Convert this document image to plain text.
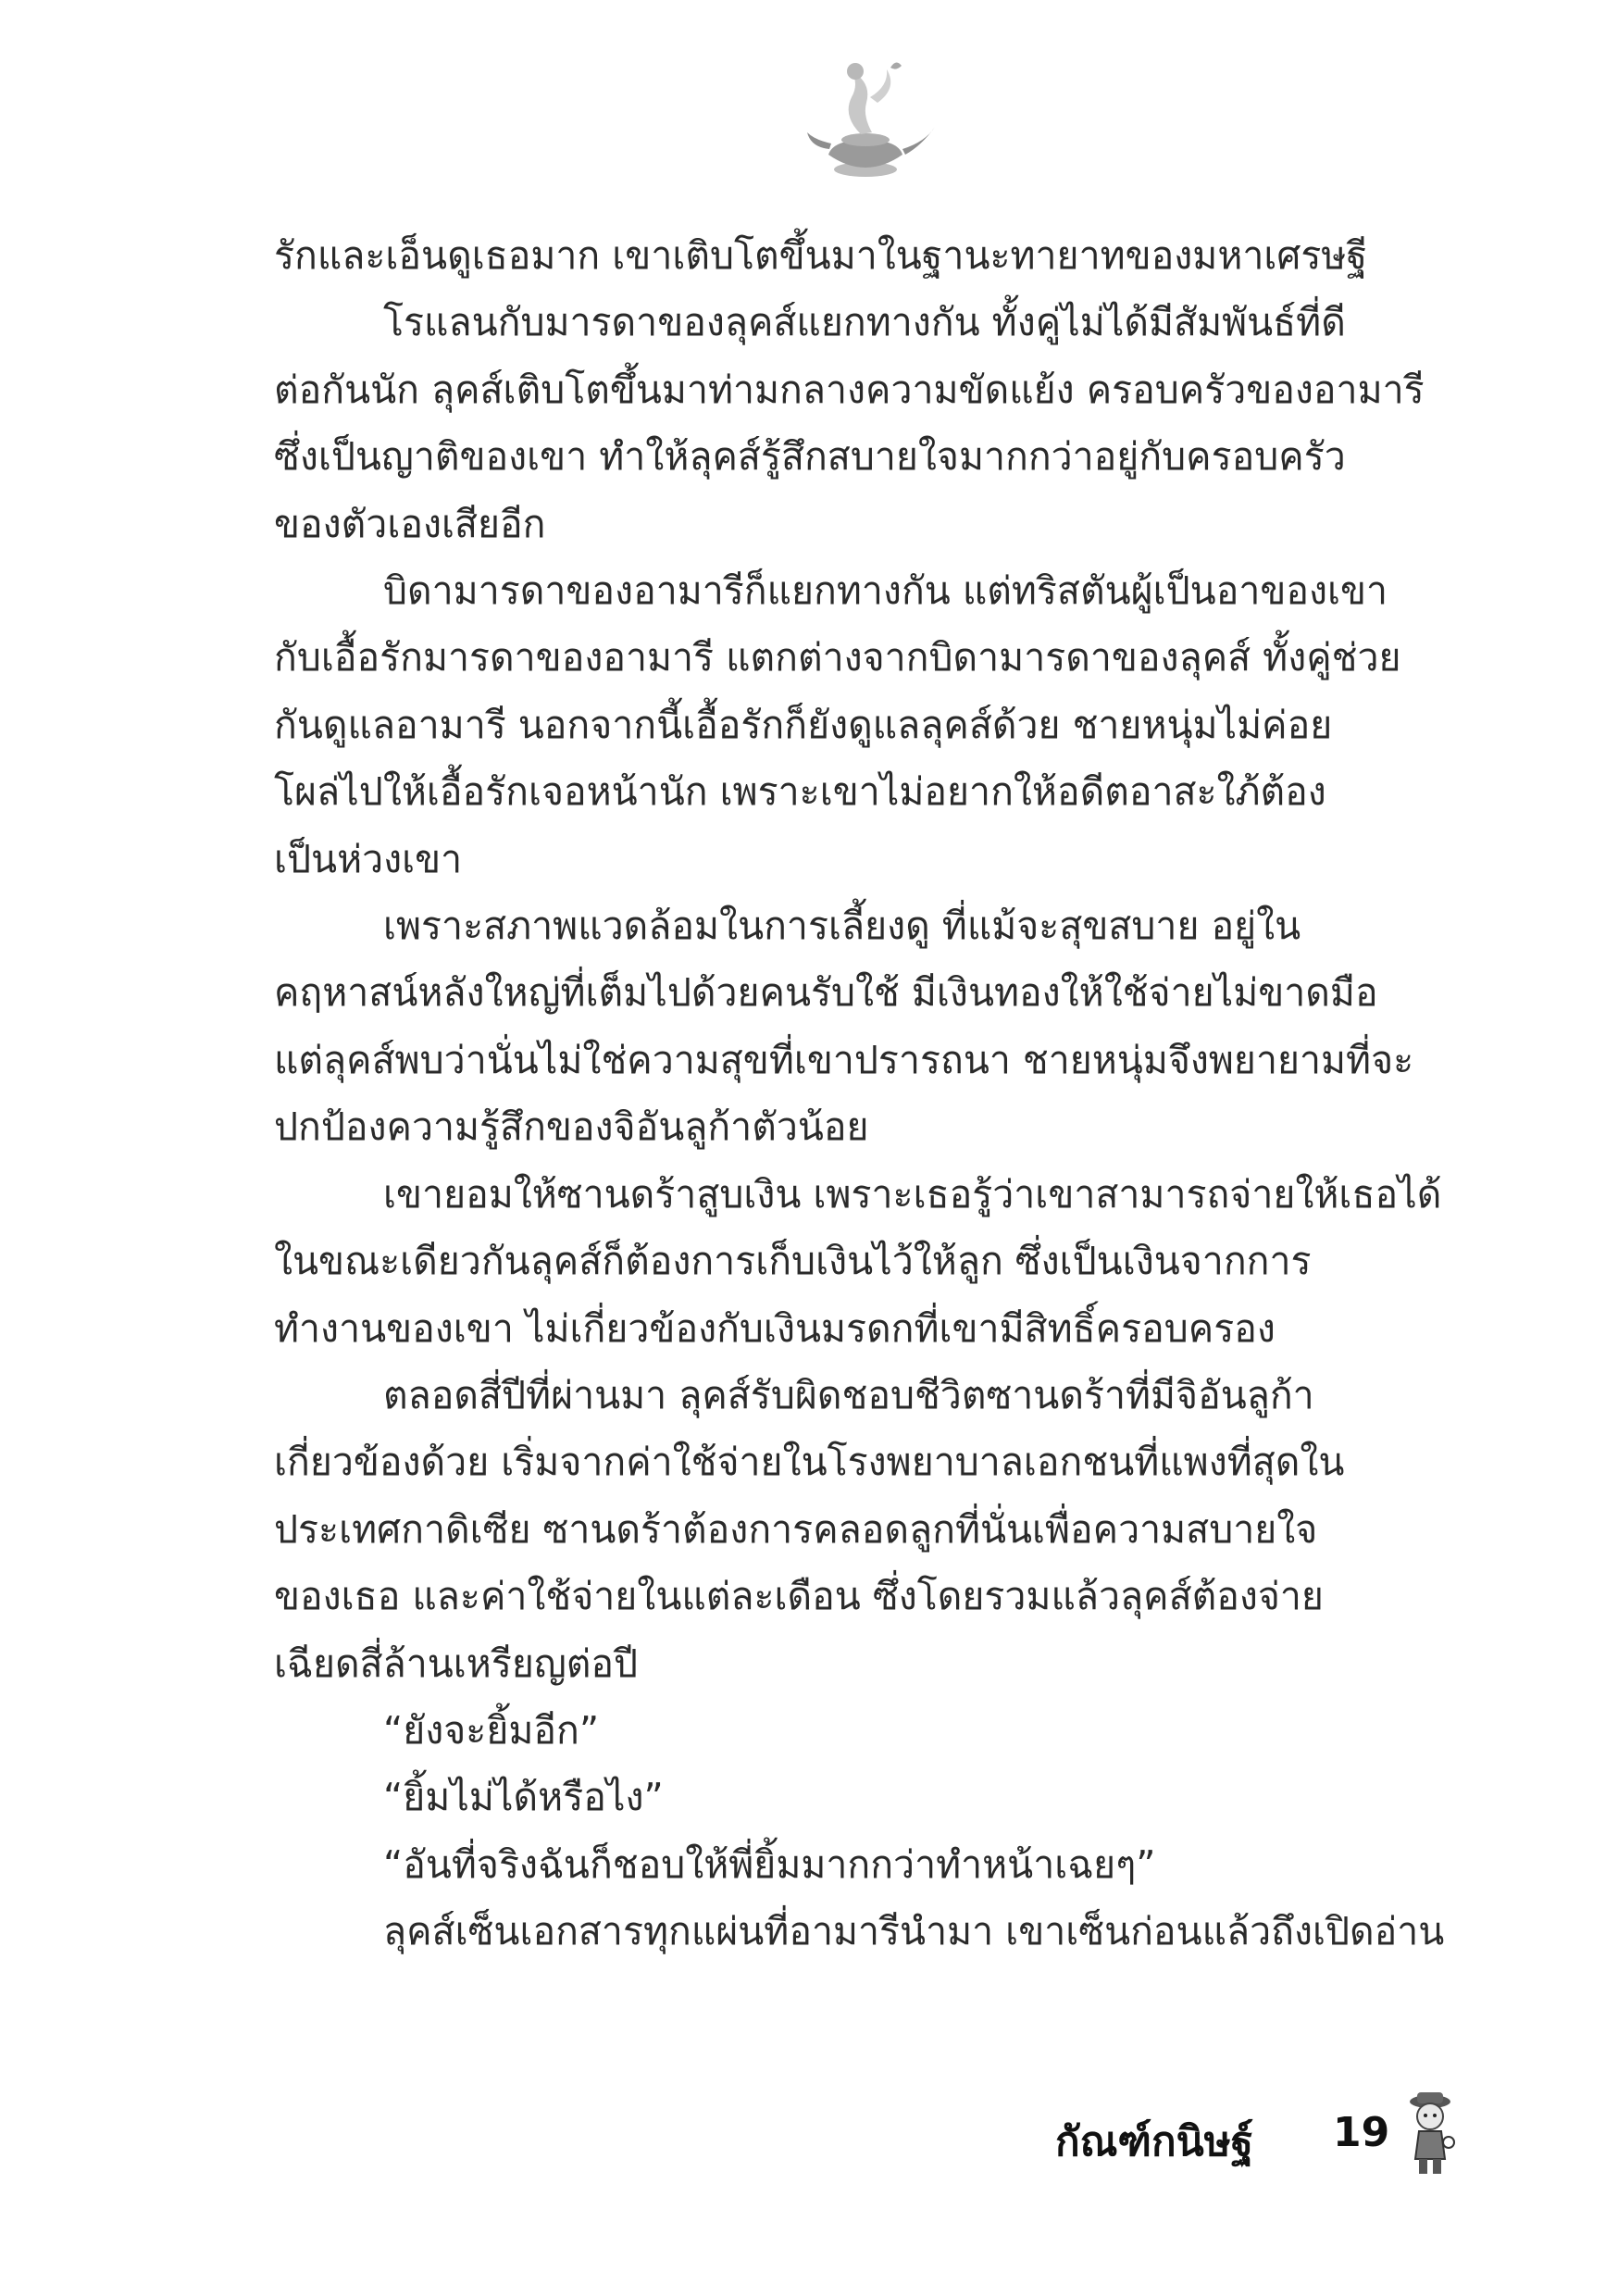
รักและเอ็นดูเธอมาก เขาเติบโตขึ้นมาในฐานะทายาทของมหาเศรษฐี
โรแลนกับมารดาของลุคส์แยกทางกัน ทั้งคู่ไม่ได้มีสัมพันธ์ที่ดี
ต่อกันนัก ลุคส์เติบโตขึ้นมาท่ามกลางความขัดแย้ง ครอบครัวของอามารี
ซึ่งเป็นญาติของเขา ทำให้ลุคส์รู้สึกสบายใจมากกว่าอยู่กับครอบครัว
ของตัวเองเสียอีก
บิดามารดาของอามารีก็แยกทางกัน แต่ทริสตันผู้เป็นอาของเขา
กับเอื้อรักมารดาของอามารี แตกต่างจากบิดามารดาของลุคส์ ทั้งคู่ช่วย
กันดูแลอามารี นอกจากนี้เอื้อรักก็ยังดูแลลุคส์ด้วย ชายหนุ่มไม่ค่อย
โผล่ไปให้เอื้อรักเจอหน้านัก เพราะเขาไม่อยากให้อดีตอาสะใภ้ต้อง
เป็นห่วงเขา
เพราะสภาพแวดล้อมในการเลี้ยงดู ที่แม้จะสุขสบาย อยู่ใน
คฤหาสน์หลังใหญ่ที่เต็มไปด้วยคนรับใช้ มีเงินทองให้ใช้จ่ายไม่ขาดมือ
แต่ลุคส์พบว่านั่นไม่ใช่ความสุขที่เขาปรารถนา ชายหนุ่มจึงพยายามที่จะ
ปกป้องความรู้สึกของจิอันลูก้าตัวน้อย
เขายอมให้ซานดร้าสูบเงิน เพราะเธอรู้ว่าเขาสามารถจ่ายให้เธอได้
ในขณะเดียวกันลุคส์ก็ต้องการเก็บเงินไว้ให้ลูก ซึ่งเป็นเงินจากการ
ทำงานของเขา ไม่เกี่ยวข้องกับเงินมรดกที่เขามีสิทธิ์ครอบครอง
ตลอดสี่ปีที่ผ่านมา ลุคส์รับผิดชอบชีวิตซานดร้าที่มีจิอันลูก้า
เกี่ยวข้องด้วย เริ่มจากค่าใช้จ่ายในโรงพยาบาลเอกชนที่แพงที่สุดใน
ประเทศกาดิเซีย ซานดร้าต้องการคลอดลูกที่นั่นเพื่อความสบายใจ
ของเธอ และค่าใช้จ่ายในแต่ละเดือน ซึ่งโดยรวมแล้วลุคส์ต้องจ่าย
เฉียดสี่ล้านเหรียญต่อปี
“ยังจะยิ้มอีก”
“ยิ้มไม่ได้หรือไง”
“อันที่จริงฉันก็ชอบให้พี่ยิ้มมากกว่าทำหน้าเฉยๆ”
ลุคส์เซ็นเอกสารทุกแผ่นที่อามารีนำมา เขาเซ็นก่อนแล้วถึงเปิดอ่าน
กัณฑ์กนิษฐ์ 19
